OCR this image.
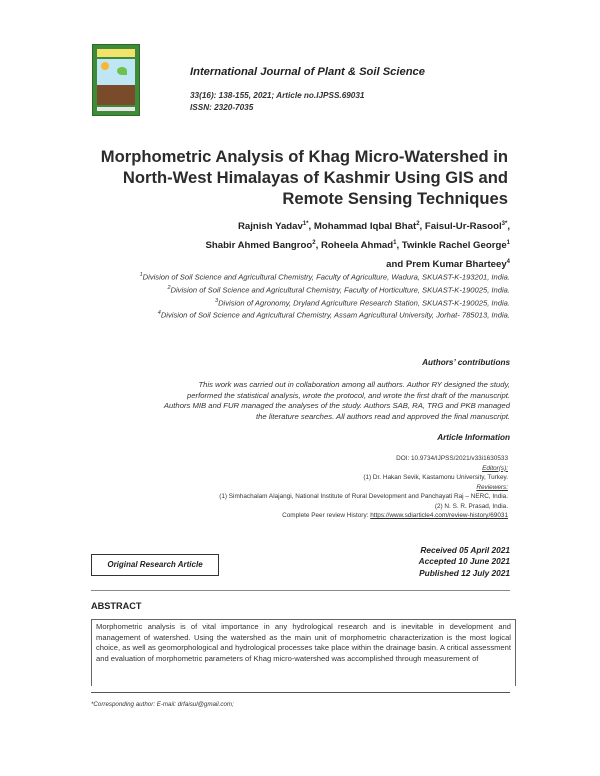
International Journal of Plant & Soil Science
33(16): 138-155, 2021; Article no.IJPSS.69031
ISSN: 2320-7035
Morphometric Analysis of Khag Micro-Watershed in
North-West Himalayas of Kashmir Using GIS and
Remote Sensing Techniques
Rajnish Yadav$^{1*}$, Mohammad Iqbal Bhat$^2$, Faisul-Ur-Rasool$^{3*}$,
Shabir Ahmed Bangroo$^2$, Roheela Ahmad$^1$, Twinkle Rachel George$^1$
and Prem Kumar Bharteey$^4$
$^1$Division of Soil Science and Agricultural Chemistry, Faculty of Agriculture, Wadura, SKUAST-K-193201, India.
$^2$Division of Soil Science and Agricultural Chemistry, Faculty of Horticulture, SKUAST-K-190025, India.
$^3$Division of Agronomy, Dryland Agriculture Research Station, SKUAST-K-190025, India.
$^4$Division of Soil Science and Agricultural Chemistry, Assam Agricultural University, Jorhat- 785013, India.
Authors’ contributions
This work was carried out in collaboration among all authors. Author RY designed the study,
performed the statistical analysis, wrote the protocol, and wrote the first draft of the manuscript.
Authors MIB and FUR managed the analyses of the study. Authors SAB, RA, TRG and PKB managed
the literature searches. All authors read and approved the final manuscript.
Article Information
DOI: 10.9734/IJPSS/2021/v33i1630533
Editor(s):
(1) Dr. Hakan Sevik, Kastamonu University, Turkey.
Reviewers:
(1) Simhachalam Alajangi, National Institute of Rural Development and Panchayati Raj – NERC, India.
(2) N. S. R. Prasad, India.
Complete Peer review History: https://www.sdiarticle4.com/review-history/69031
Original Research Article
Received 05 April 2021
Accepted 10 June 2021
Published 12 July 2021
ABSTRACT
Morphometric analysis is of vital importance in any hydrological research and is inevitable in development and management of watershed. Using the watershed as the main unit of morphometric characterization is the most logical choice, as well as geomorphological and hydrological processes take place within the drainage basin. A critical assessment and evaluation of morphometric parameters of Khag micro-watershed was accomplished through measurement of
*Corresponding author: E-mail: drfaisul@gmail.com;
